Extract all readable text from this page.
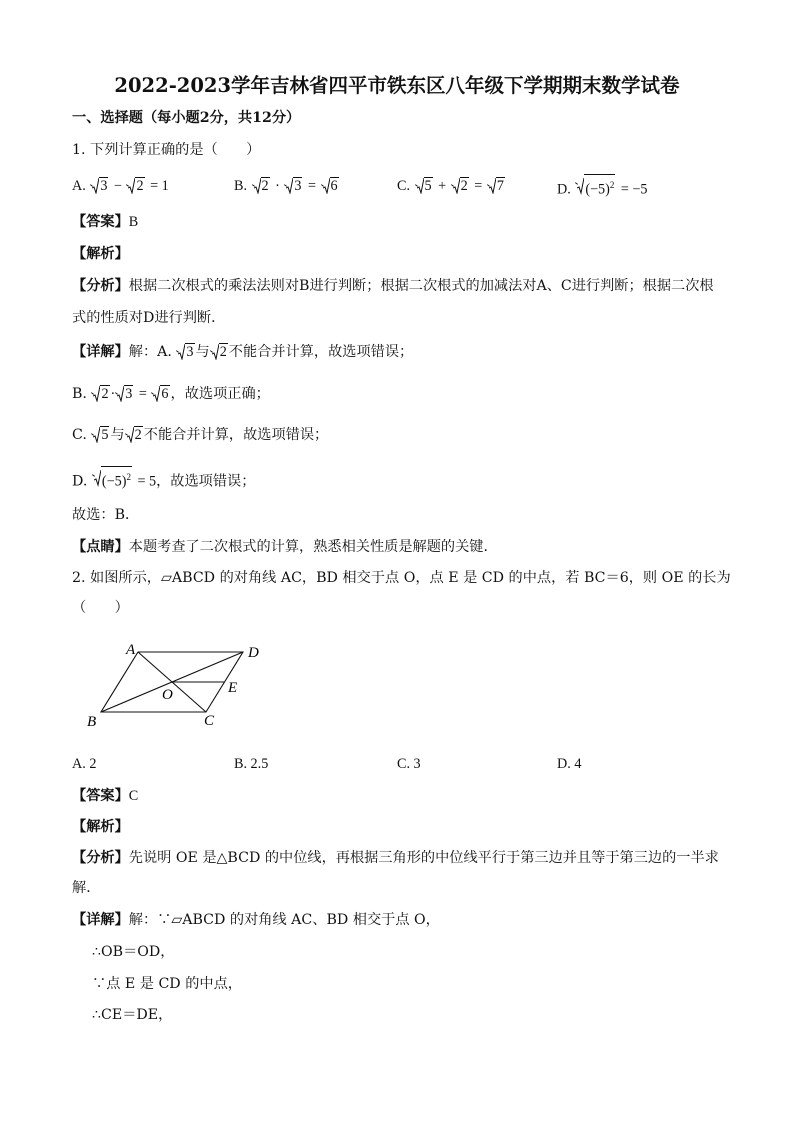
2022-2023学年吉林省四平市铁东区八年级下学期期末数学试卷
一、选择题（每小题2分，共12分）
1. 下列计算正确的是（　　）
A. 3 − 2 = 1	B. 2 · 3 = 6	C. 5 + 2 = 7	D. $(-5)^2 = -5$
【答案】B
【解析】
【分析】根据二次根式的乘法法则对B进行判断；根据二次根式的加减法对A、C进行判断；根据二次根
式的性质对D进行判断．
【详解】解：A.
3 与 2 不能合并计算，故选项错误；
B.
2 · 3 = 6 ，故选项正确；
C.
5 与 2 不能合并计算，故选项错误；
D.
$(-5)^2 = 5$，故选项错误；
故选：B．
【点睛】本题考查了二次根式的计算，熟悉相关性质是解题的关键．
2. 如图所示，▱ABCD 的对角线 AC，BD 相交于点 O，点 E 是 CD 的中点，若 BC＝6，则 OE 的长为
（　　）
A	D
E
O
B	C
A. 2	B. 2.5	C. 3	D. 4
【答案】C
【解析】
【分析】先说明 OE 是△BCD 的中位线，再根据三角形的中位线平行于第三边并且等于第三边的一半求
解．
【详解】解：∵▱ABCD 的对角线 AC、BD 相交于点 O，
∴OB＝OD，
∵点 E 是 CD 的中点，
∴CE＝DE，
